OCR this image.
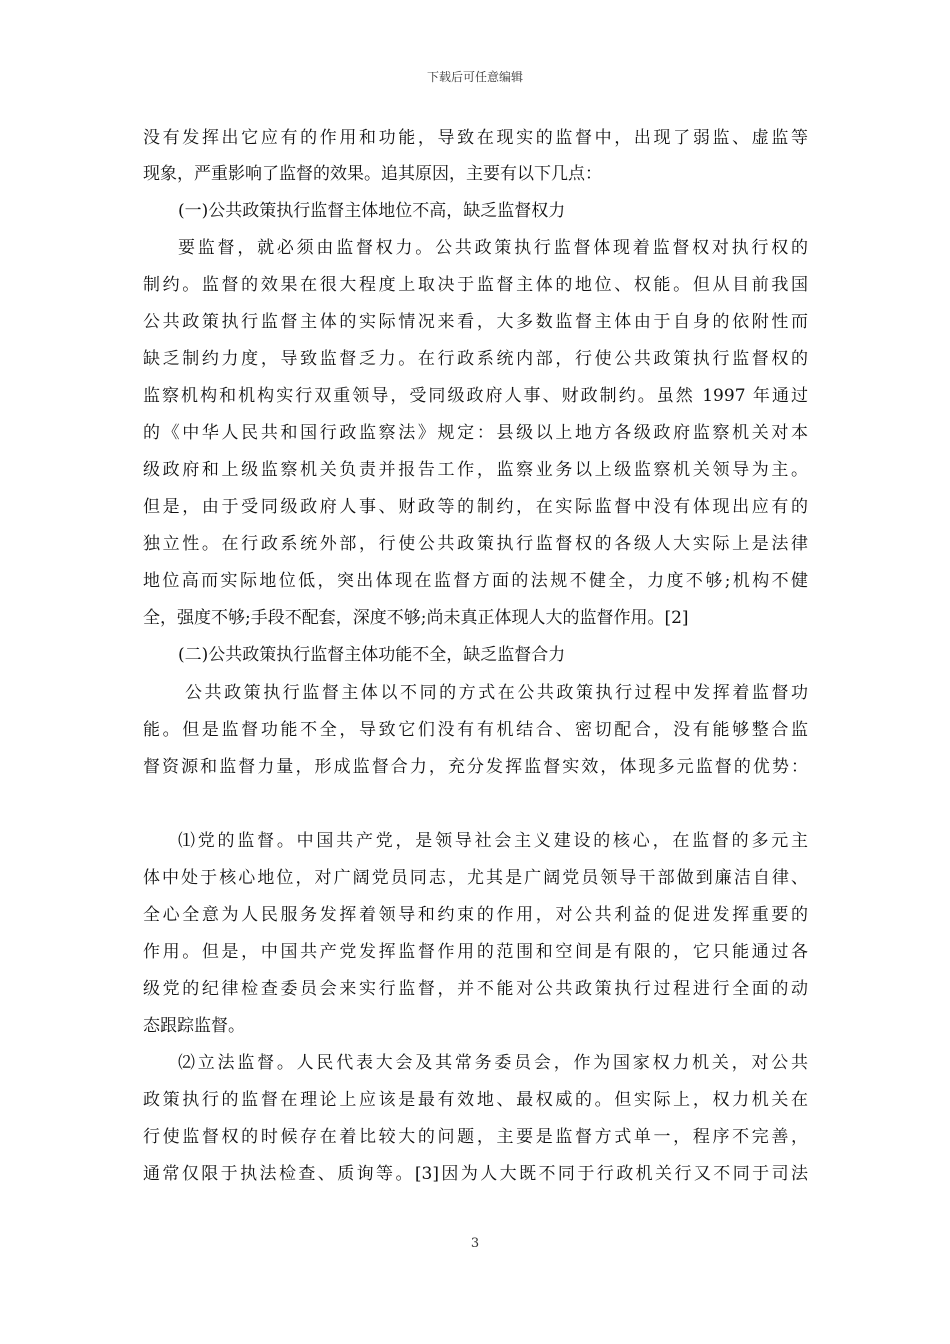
下载后可任意编辑
没有发挥出它应有的作用和功能，导致在现实的监督中，出现了弱监、虚监等
现象，严重影响了监督的效果。追其原因，主要有以下几点：
(一)公共政策执行监督主体地位不高，缺乏监督权力
要监督，就必须由监督权力。公共政策执行监督体现着监督权对执行权的
制约。监督的效果在很大程度上取决于监督主体的地位、权能。但从目前我国
公共政策执行监督主体的实际情况来看，大多数监督主体由于自身的依附性而
缺乏制约力度，导致监督乏力。在行政系统内部，行使公共政策执行监督权的
监察机构和机构实行双重领导，受同级政府人事、财政制约。虽然 1997 年通过
的《中华人民共和国行政监察法》规定：县级以上地方各级政府监察机关对本
级政府和上级监察机关负责并报告工作，监察业务以上级监察机关领导为主。
但是，由于受同级政府人事、财政等的制约，在实际监督中没有体现出应有的
独立性。在行政系统外部，行使公共政策执行监督权的各级人大实际上是法律
地位高而实际地位低，突出体现在监督方面的法规不健全，力度不够;机构不健
全，强度不够;手段不配套，深度不够;尚未真正体现人大的监督作用。[2]
(二)公共政策执行监督主体功能不全，缺乏监督合力
公共政策执行监督主体以不同的方式在公共政策执行过程中发挥着监督功
能。但是监督功能不全，导致它们没有有机结合、密切配合，没有能够整合监
督资源和监督力量，形成监督合力，充分发挥监督实效，体现多元监督的优势：
⑴党的监督。中国共产党，是领导社会主义建设的核心，在监督的多元主
体中处于核心地位，对广阔党员同志，尤其是广阔党员领导干部做到廉洁自律、
全心全意为人民服务发挥着领导和约束的作用，对公共利益的促进发挥重要的
作用。但是，中国共产党发挥监督作用的范围和空间是有限的，它只能通过各
级党的纪律检查委员会来实行监督，并不能对公共政策执行过程进行全面的动
态跟踪监督。
⑵立法监督。人民代表大会及其常务委员会，作为国家权力机关，对公共
政策执行的监督在理论上应该是最有效地、最权威的。但实际上，权力机关在
行使监督权的时候存在着比较大的问题，主要是监督方式单一，程序不完善，
通常仅限于执法检查、质询等。[3]因为人大既不同于行政机关行又不同于司法
3
